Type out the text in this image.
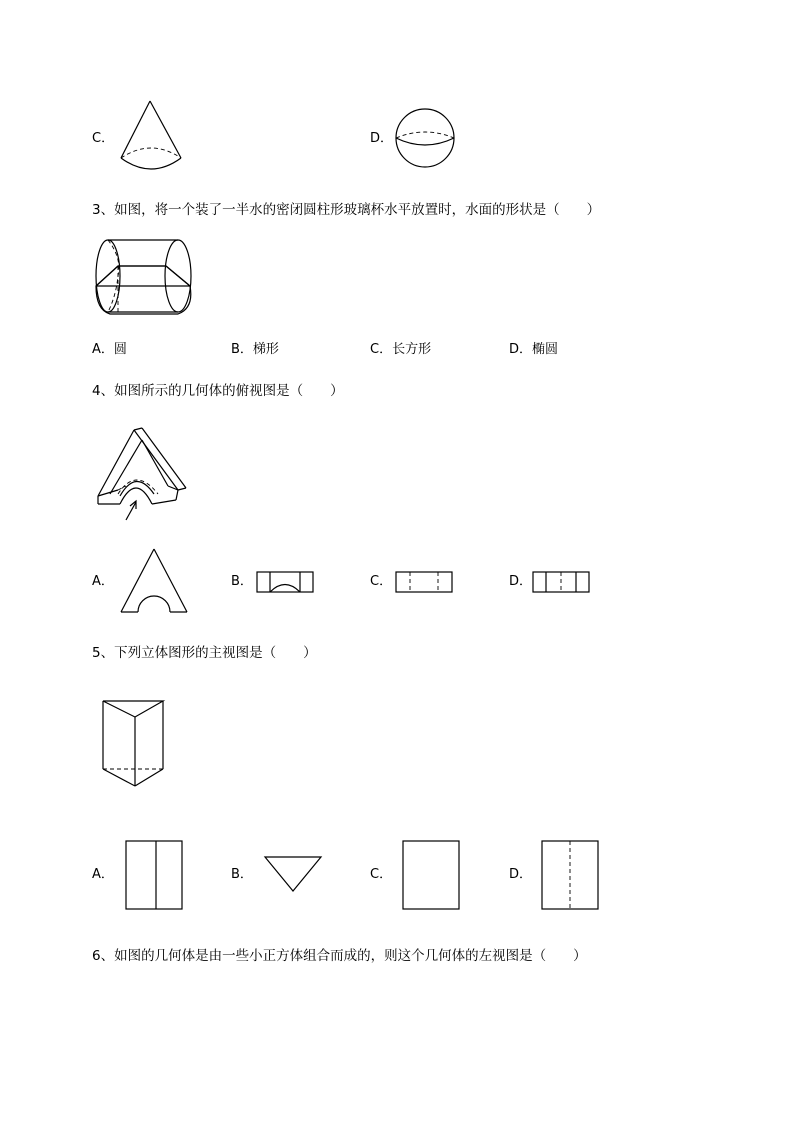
C．	D．
3、如图，将一个装了一半水的密闭圆柱形玻璃杯水平放置时，水面的形状是（　　）
A．圆	B．梯形	C．长方形	D．椭圆
4、如图所示的几何体的俯视图是（　　）
A．	B．	C．	D．
5、下列立体图形的主视图是（　　）
A．	B．	C．	D．
6、如图的几何体是由一些小正方体组合而成的，则这个几何体的左视图是（　　）
